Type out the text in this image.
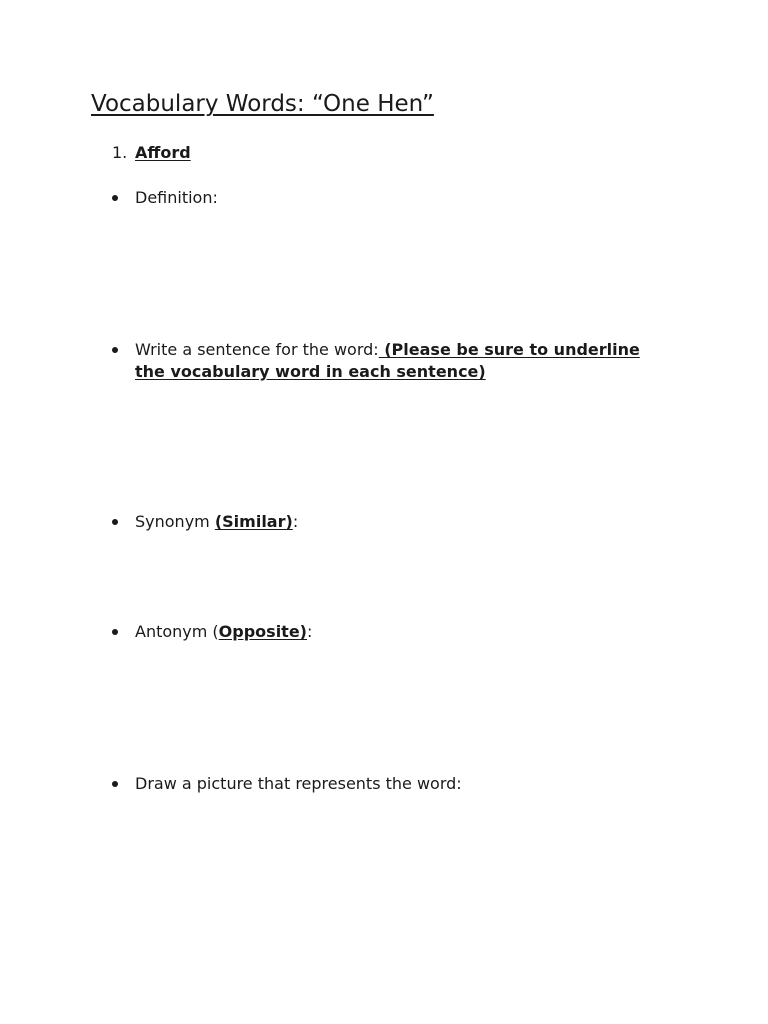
Vocabulary Words: “One Hen”
1. Afford
Definition:
Write a sentence for the word: (Please be sure to underline the vocabulary word in each sentence)
Synonym (Similar):
Antonym (Opposite):
Draw a picture that represents the word:
